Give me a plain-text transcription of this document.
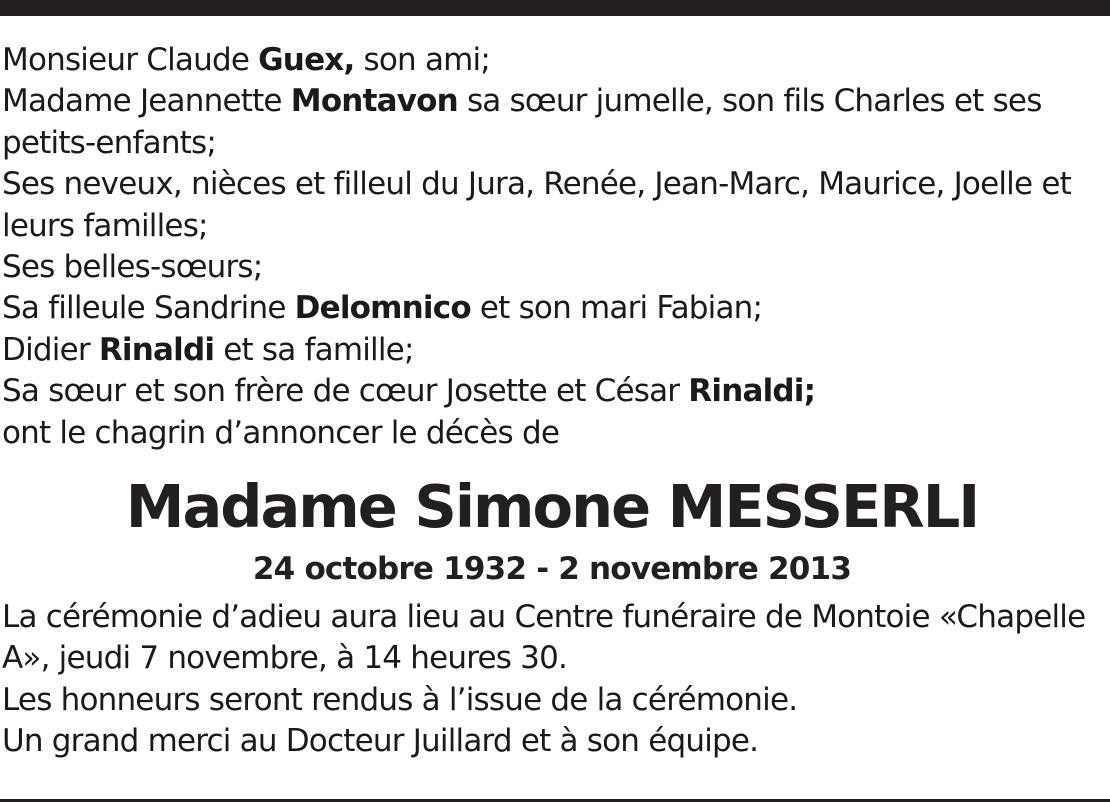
Monsieur Claude Guex, son ami;
Madame Jeannette Montavon sa sœur jumelle, son fils Charles et ses
petits-enfants;
Ses neveux, nièces et filleul du Jura, Renée, Jean-Marc, Maurice, Joelle et
leurs familles;
Ses belles-sœurs;
Sa filleule Sandrine Delomnico et son mari Fabian;
Didier Rinaldi et sa famille;
Sa sœur et son frère de cœur Josette et César Rinaldi;
ont le chagrin d’annoncer le décès de
Madame Simone MESSERLI
24 octobre 1932 - 2 novembre 2013
La cérémonie d’adieu aura lieu au Centre funéraire de Montoie «Chapelle
A», jeudi 7 novembre, à 14 heures 30.
Les honneurs seront rendus à l’issue de la cérémonie.
Un grand merci au Docteur Juillard et à son équipe.
